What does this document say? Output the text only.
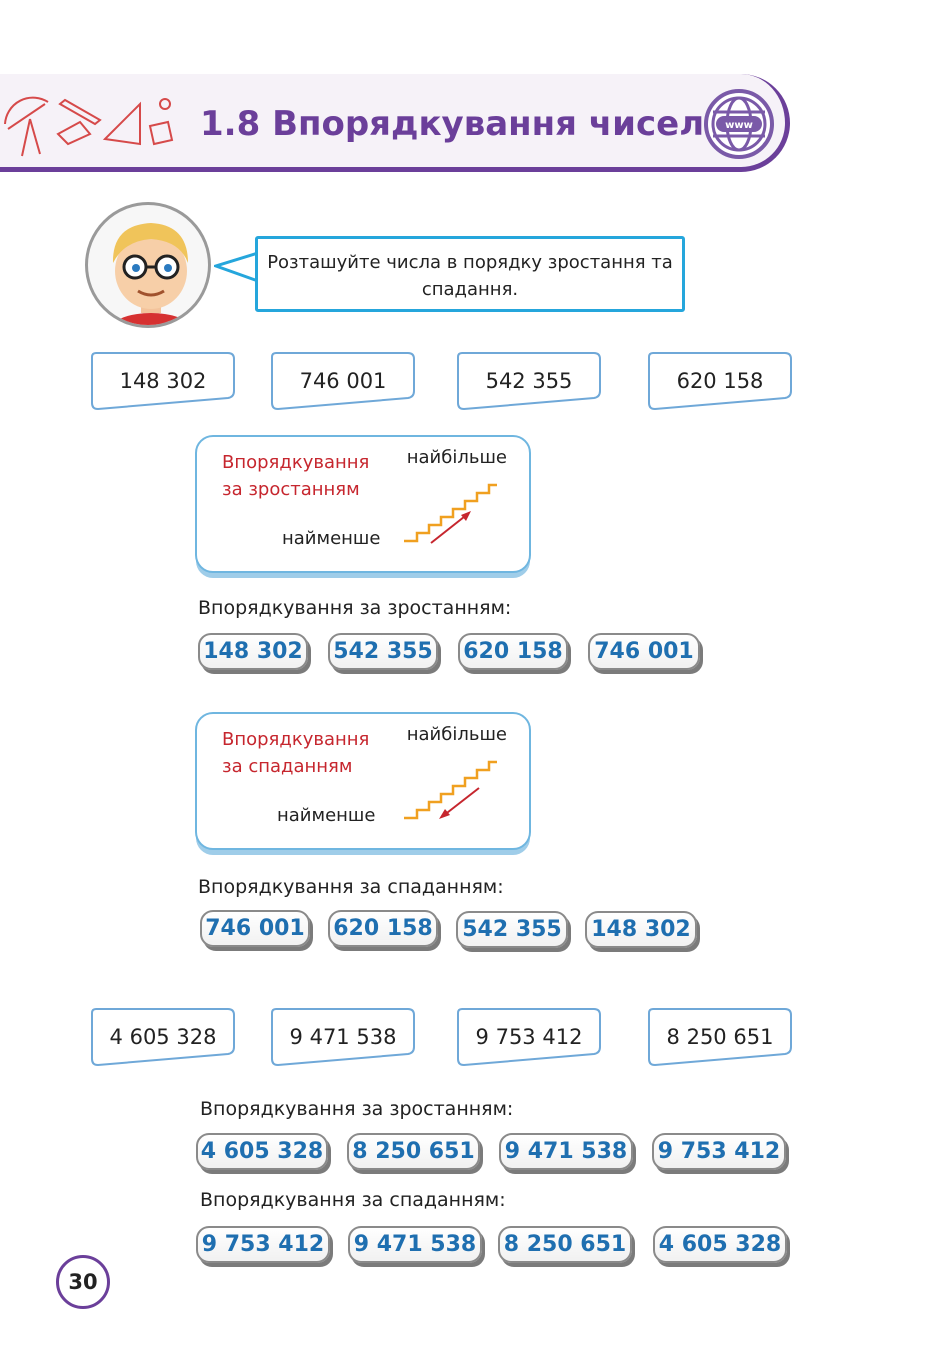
1.8 Впорядкування чисел www
Розташуйте числа в порядку зростання та спадання.
148 302	746 001	542 355	620 158
Впорядкування
за зростанням
найбільше
найменше
Впорядкування за зростанням:
148 302 542 355 620 158 746 001
Впорядкування
за спаданням
найбільше
найменше
Впорядкування за спаданням:
746 001 620 158 542 355 148 302
4 605 328	9 471 538	9 753 412	8 250 651
Впорядкування за зростанням:
4 605 328 8 250 651 9 471 538 9 753 412
Впорядкування за спаданням:
9 753 412 9 471 538 8 250 651 4 605 328
30
